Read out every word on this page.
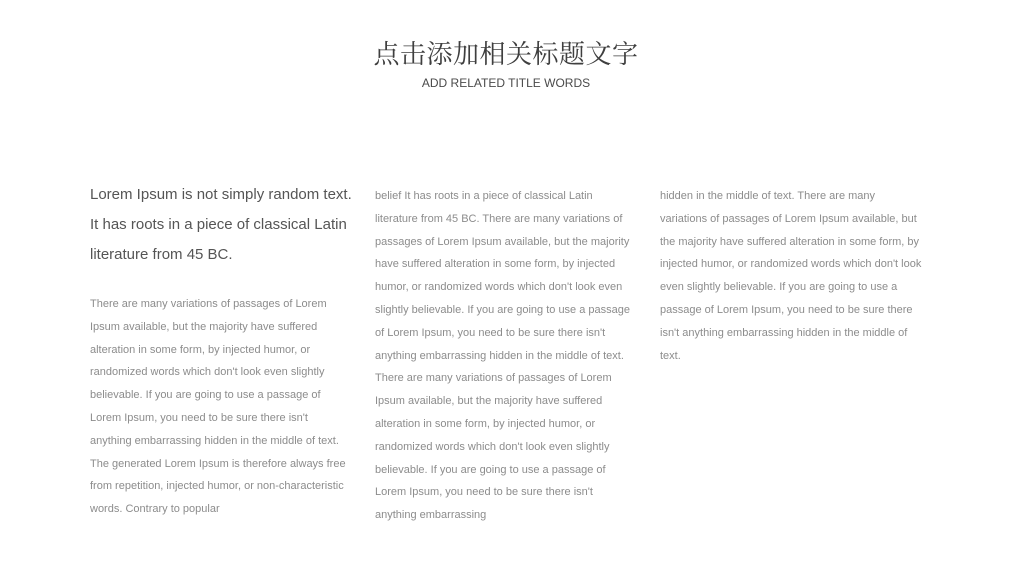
点击添加相关标题文字
ADD RELATED TITLE WORDS
Lorem Ipsum is not simply random text. It has roots in a piece of classical Latin literature from 45 BC.
There are many variations of passages of Lorem Ipsum available, but the majority have suffered alteration in some form, by injected humor, or randomized words which don't look even slightly believable. If you are going to use a passage of Lorem Ipsum, you need to be sure there isn't anything embarrassing hidden in the middle of text. The generated Lorem Ipsum is therefore always free from repetition, injected humor, or non-characteristic words. Contrary to popular
belief It has roots in a piece of classical Latin literature from 45 BC. There are many variations of passages of Lorem Ipsum available, but the majority have suffered alteration in some form, by injected humor, or randomized words which don't look even slightly believable. If you are going to use a passage of Lorem Ipsum, you need to be sure there isn't anything embarrassing hidden in the middle of text. There are many variations of passages of Lorem Ipsum available, but the majority have suffered alteration in some form, by injected humor, or randomized words which don't look even slightly believable. If you are going to use a passage of Lorem Ipsum, you need to be sure there isn't anything embarrassing
hidden in the middle of text. There are many variations of passages of Lorem Ipsum available, but the majority have suffered alteration in some form, by injected humor, or randomized words which don't look even slightly believable. If you are going to use a passage of Lorem Ipsum, you need to be sure there isn't anything embarrassing hidden in the middle of text.
